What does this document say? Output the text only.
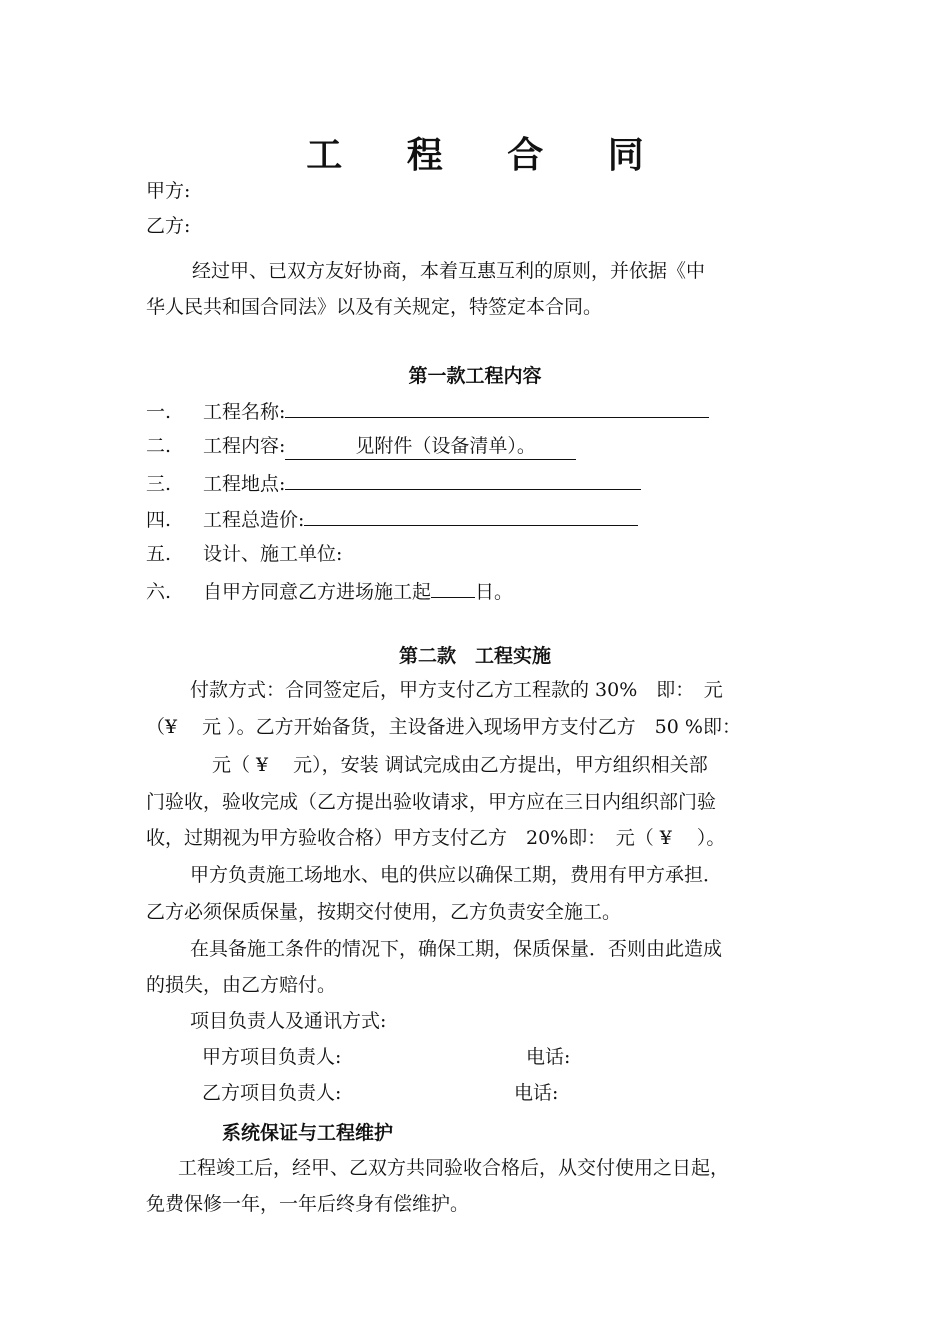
工 程 合 同
甲方:
乙方:
经过甲、已双方友好协商，本着互惠互利的原则，并依据《中
华人民共和国合同法》以及有关规定，特签定本合同。
第一款工程内容
一. 工程名称:
二. 工程内容:	见附件（设备清单）。
三. 工程地点:
四. 工程总造价:
五. 设计、施工单位:
六. 自甲方同意乙方进场施工起 日。
第二款　工程实施
付款方式：合同签定后，甲方支付乙方工程款的 30%　即：　元
（¥　 元 ）。乙方开始备货，主设备进入现场甲方支付乙方　50 %即：
元（ ¥　 元），安装 调试完成由乙方提出，甲方组织相关部
门验收，验收完成（乙方提出验收请求，甲方应在三日内组织部门验
收，过期视为甲方验收合格）甲方支付乙方　20%即：　元（ ¥　 ）。
甲方负责施工场地水、电的供应以确保工期，费用有甲方承担．
乙方必须保质保量，按期交付使用，乙方负责安全施工。
在具备施工条件的情况下，确保工期，保质保量．否则由此造成
的损失，由乙方赔付。
项目负责人及通讯方式:
甲方项目负责人:	电话:
乙方项目负责人:	电话:
系统保证与工程维护
工程竣工后，经甲、乙双方共同验收合格后，从交付使用之日起，
免费保修一年，一年后终身有偿维护。
